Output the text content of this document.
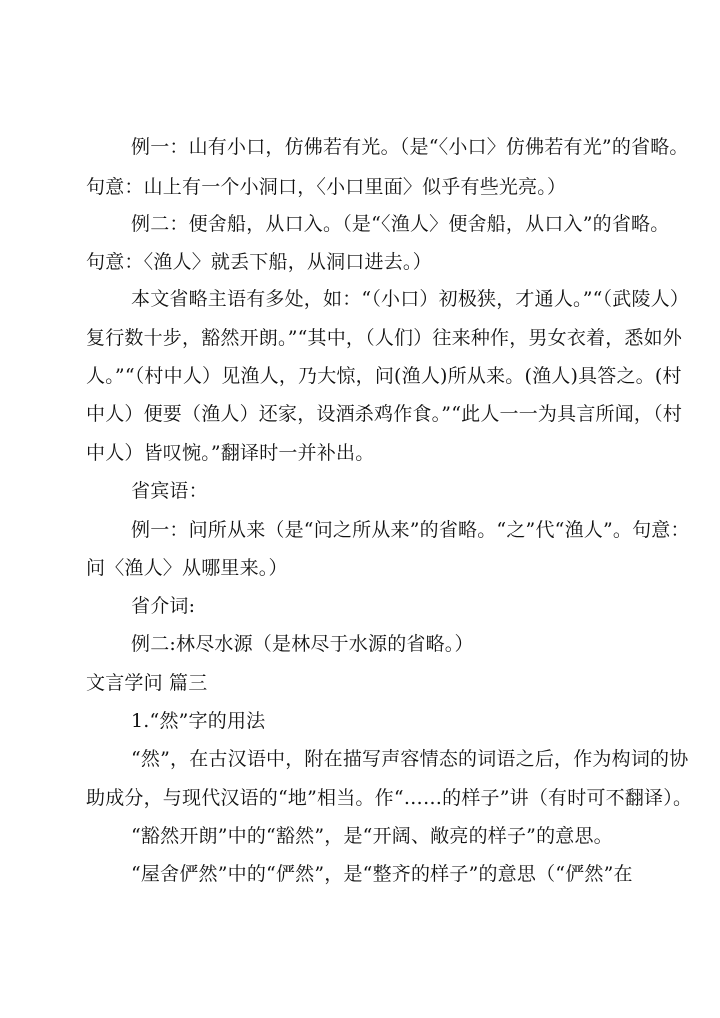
例一：山有小口，仿佛若有光。（是“〈小口〉仿佛若有光”的省略。
句意：山上有一个小洞口，〈小口里面〉似乎有些光亮。）
例二：便舍船，从口入。（是“〈渔人〉便舍船，从口入”的省略。
句意：〈渔人〉就丢下船，从洞口进去。）
本文省略主语有多处，如：“（小口）初极狭，才通人。”“（武陵人）
复行数十步，豁然开朗。”“其中，（人们）往来种作，男女衣着，悉如外
人。”“（村中人）见渔人，乃大惊，问(渔人)所从来。(渔人)具答之。(村
中人）便要（渔人）还家，设酒杀鸡作食。”“此人一一为具言所闻，（村
中人）皆叹惋。”翻译时一并补出。
省宾语：
例一：问所从来（是“问之所从来”的省略。“之”代“渔人”。句意：
问〈渔人〉从哪里来。）
省介词:
例二:林尽水源（是林尽于水源的省略。）
文言学问 篇三
1.“然”字的用法
“然”，在古汉语中，附在描写声容情态的词语之后，作为构词的协
助成分，与现代汉语的“地”相当。作“……的样子”讲（有时可不翻译）。
“豁然开朗”中的“豁然”，是“开阔、敞亮的样子”的意思。
“屋舍俨然”中的“俨然”，是“整齐的样子”的意思（“俨然”在
